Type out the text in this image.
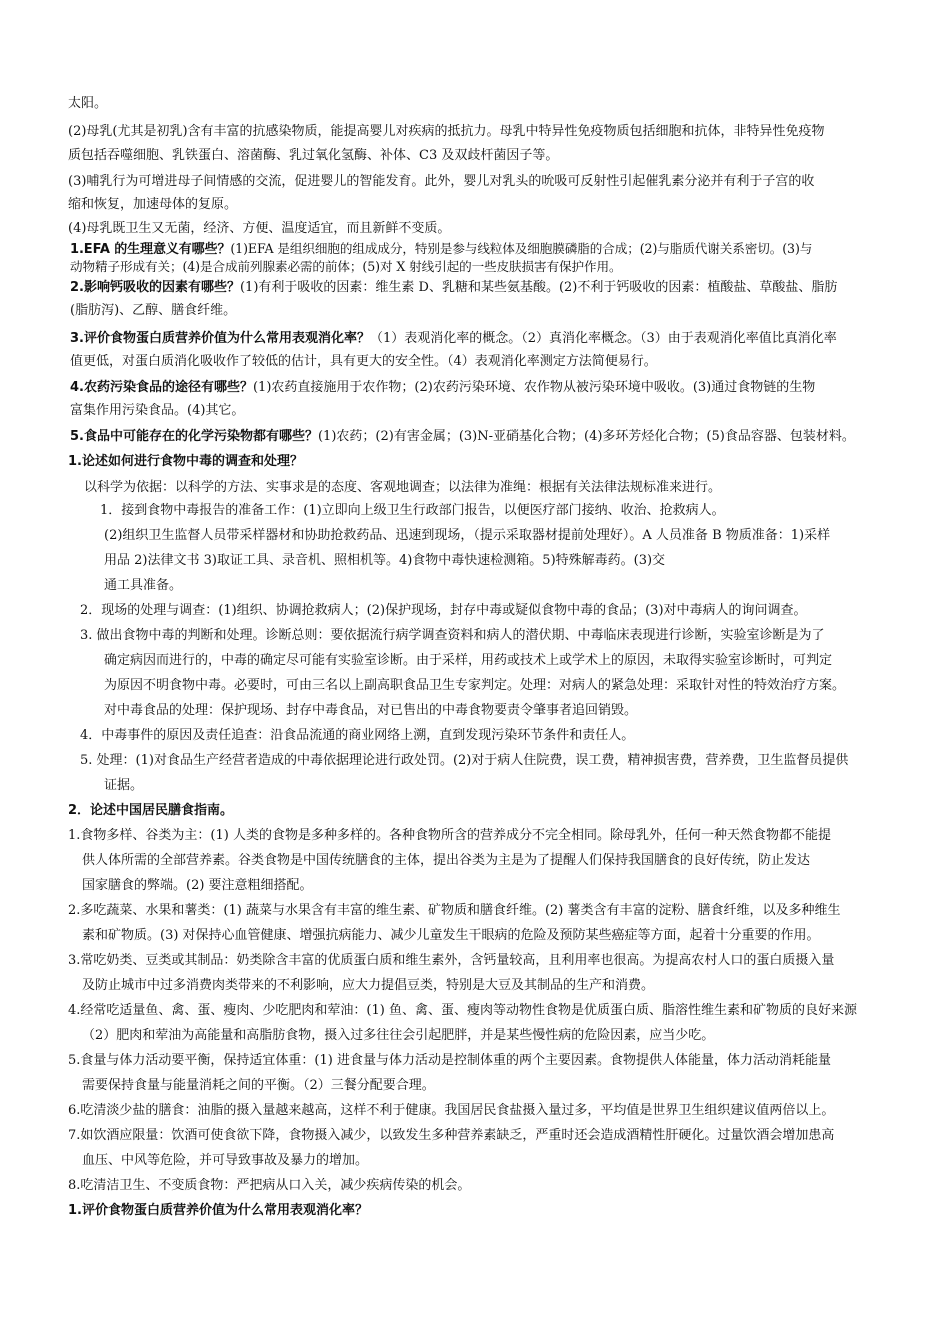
太阳。
(2)母乳(尤其是初乳)含有丰富的抗感染物质，能提高婴儿对疾病的抵抗力。母乳中特异性免疫物质包括细胞和抗体，非特异性免疫物
质包括吞噬细胞、乳铁蛋白、溶菌酶、乳过氧化氢酶、补体、C3 及双歧杆菌因子等。
(3)哺乳行为可增进母子间情感的交流，促进婴儿的智能发育。此外，婴儿对乳头的吮吸可反射性引起催乳素分泌并有利于子宫的收
缩和恢复，加速母体的复原。
(4)母乳既卫生又无菌，经济、方便、温度适宜，而且新鲜不变质。
1.EFA 的生理意义有哪些？(1)EFA 是组织细胞的组成成分，特别是参与线粒体及细胞膜磷脂的合成；(2)与脂质代谢关系密切。(3)与
动物精子形成有关；(4)是合成前列腺素必需的前体；(5)对 X 射线引起的一些皮肤损害有保护作用。
2.影响钙吸收的因素有哪些？(1)有利于吸收的因素：维生素 D、乳糖和某些氨基酸。(2)不利于钙吸收的因素：植酸盐、草酸盐、脂肪
(脂肪泻)、乙醇、膳食纤维。
3.评价食物蛋白质营养价值为什么常用表观消化率？（1）表观消化率的概念。（2）真消化率概念。（3）由于表观消化率值比真消化率
值更低，对蛋白质消化吸收作了较低的估计，具有更大的安全性。（4）表观消化率测定方法简便易行。
4.农药污染食品的途径有哪些？(1)农药直接施用于农作物；(2)农药污染环境、农作物从被污染环境中吸收。(3)通过食物链的生物
富集作用污染食品。(4)其它。
5.食品中可能存在的化学污染物都有哪些？(1)农药；(2)有害金属；(3)N-亚硝基化合物；(4)多环芳烃化合物；(5)食品容器、包装材料。
1.论述如何进行食物中毒的调查和处理？
以科学为依据：以科学的方法、实事求是的态度、客观地调查；以法律为准绳：根据有关法律法规标准来进行。
1．接到食物中毒报告的准备工作：(1)立即向上级卫生行政部门报告，以便医疗部门接纳、收治、抢救病人。
(2)组织卫生监督人员带采样器材和协助抢救药品、迅速到现场，（提示采取器材提前处理好）。A 人员准备 B 物质准备：1)采样
用品 2)法律文书 3)取证工具、录音机、照相机等。4)食物中毒快速检测箱。5)特殊解毒药。(3)交
通工具准备。
2．现场的处理与调查：(1)组织、协调抢救病人；(2)保护现场，封存中毒或疑似食物中毒的食品；(3)对中毒病人的询问调查。
3. 做出食物中毒的判断和处理。诊断总则：要依据流行病学调查资料和病人的潜伏期、中毒临床表现进行诊断，实验室诊断是为了
确定病因而进行的，中毒的确定尽可能有实验室诊断。由于采样，用药或技术上或学术上的原因，未取得实验室诊断时，可判定
为原因不明食物中毒。必要时，可由三名以上副高职食品卫生专家判定。处理：对病人的紧急处理：采取针对性的特效治疗方案。
对中毒食品的处理：保护现场、封存中毒食品，对已售出的中毒食物要责令肇事者追回销毁。
4．中毒事件的原因及责任追查：沿食品流通的商业网络上溯，直到发现污染环节条件和责任人。
5. 处理：(1)对食品生产经营者造成的中毒依据理论进行政处罚。(2)对于病人住院费，误工费，精神损害费，营养费，卫生监督员提供
证据。
2．论述中国居民膳食指南。
1.食物多样、谷类为主：(1) 人类的食物是多种多样的。各种食物所含的营养成分不完全相同。除母乳外，任何一种天然食物都不能提
供人体所需的全部营养素。谷类食物是中国传统膳食的主体，提出谷类为主是为了提醒人们保持我国膳食的良好传统，防止发达
国家膳食的弊端。(2) 要注意粗细搭配。
2.多吃蔬菜、水果和薯类：(1) 蔬菜与水果含有丰富的维生素、矿物质和膳食纤维。(2) 薯类含有丰富的淀粉、膳食纤维，以及多种维生
素和矿物质。(3) 对保持心血管健康、增强抗病能力、减少儿童发生干眼病的危险及预防某些癌症等方面，起着十分重要的作用。
3.常吃奶类、豆类或其制品：奶类除含丰富的优质蛋白质和维生素外，含钙量较高，且利用率也很高。为提高农村人口的蛋白质摄入量
及防止城市中过多消费肉类带来的不利影响，应大力提倡豆类，特别是大豆及其制品的生产和消费。
4.经常吃适量鱼、禽、蛋、瘦肉、少吃肥肉和荤油：(1) 鱼、禽、蛋、瘦肉等动物性食物是优质蛋白质、脂溶性维生素和矿物质的良好来源
（2）肥肉和荤油为高能量和高脂肪食物，摄入过多往往会引起肥胖，并是某些慢性病的危险因素，应当少吃。
5.食量与体力活动要平衡，保持适宜体重：(1) 进食量与体力活动是控制体重的两个主要因素。食物提供人体能量，体力活动消耗能量
需要保持食量与能量消耗之间的平衡。（2）三餐分配要合理。
6.吃清淡少盐的膳食：油脂的摄入量越来越高，这样不利于健康。我国居民食盐摄入量过多，平均值是世界卫生组织建议值两倍以上。
7.如饮酒应限量：饮酒可使食欲下降，食物摄入减少，以致发生多种营养素缺乏，严重时还会造成酒精性肝硬化。过量饮酒会增加患高
血压、中风等危险，并可导致事故及暴力的增加。
8.吃清洁卫生、不变质食物：严把病从口入关，减少疾病传染的机会。
1.评价食物蛋白质营养价值为什么常用表观消化率？
